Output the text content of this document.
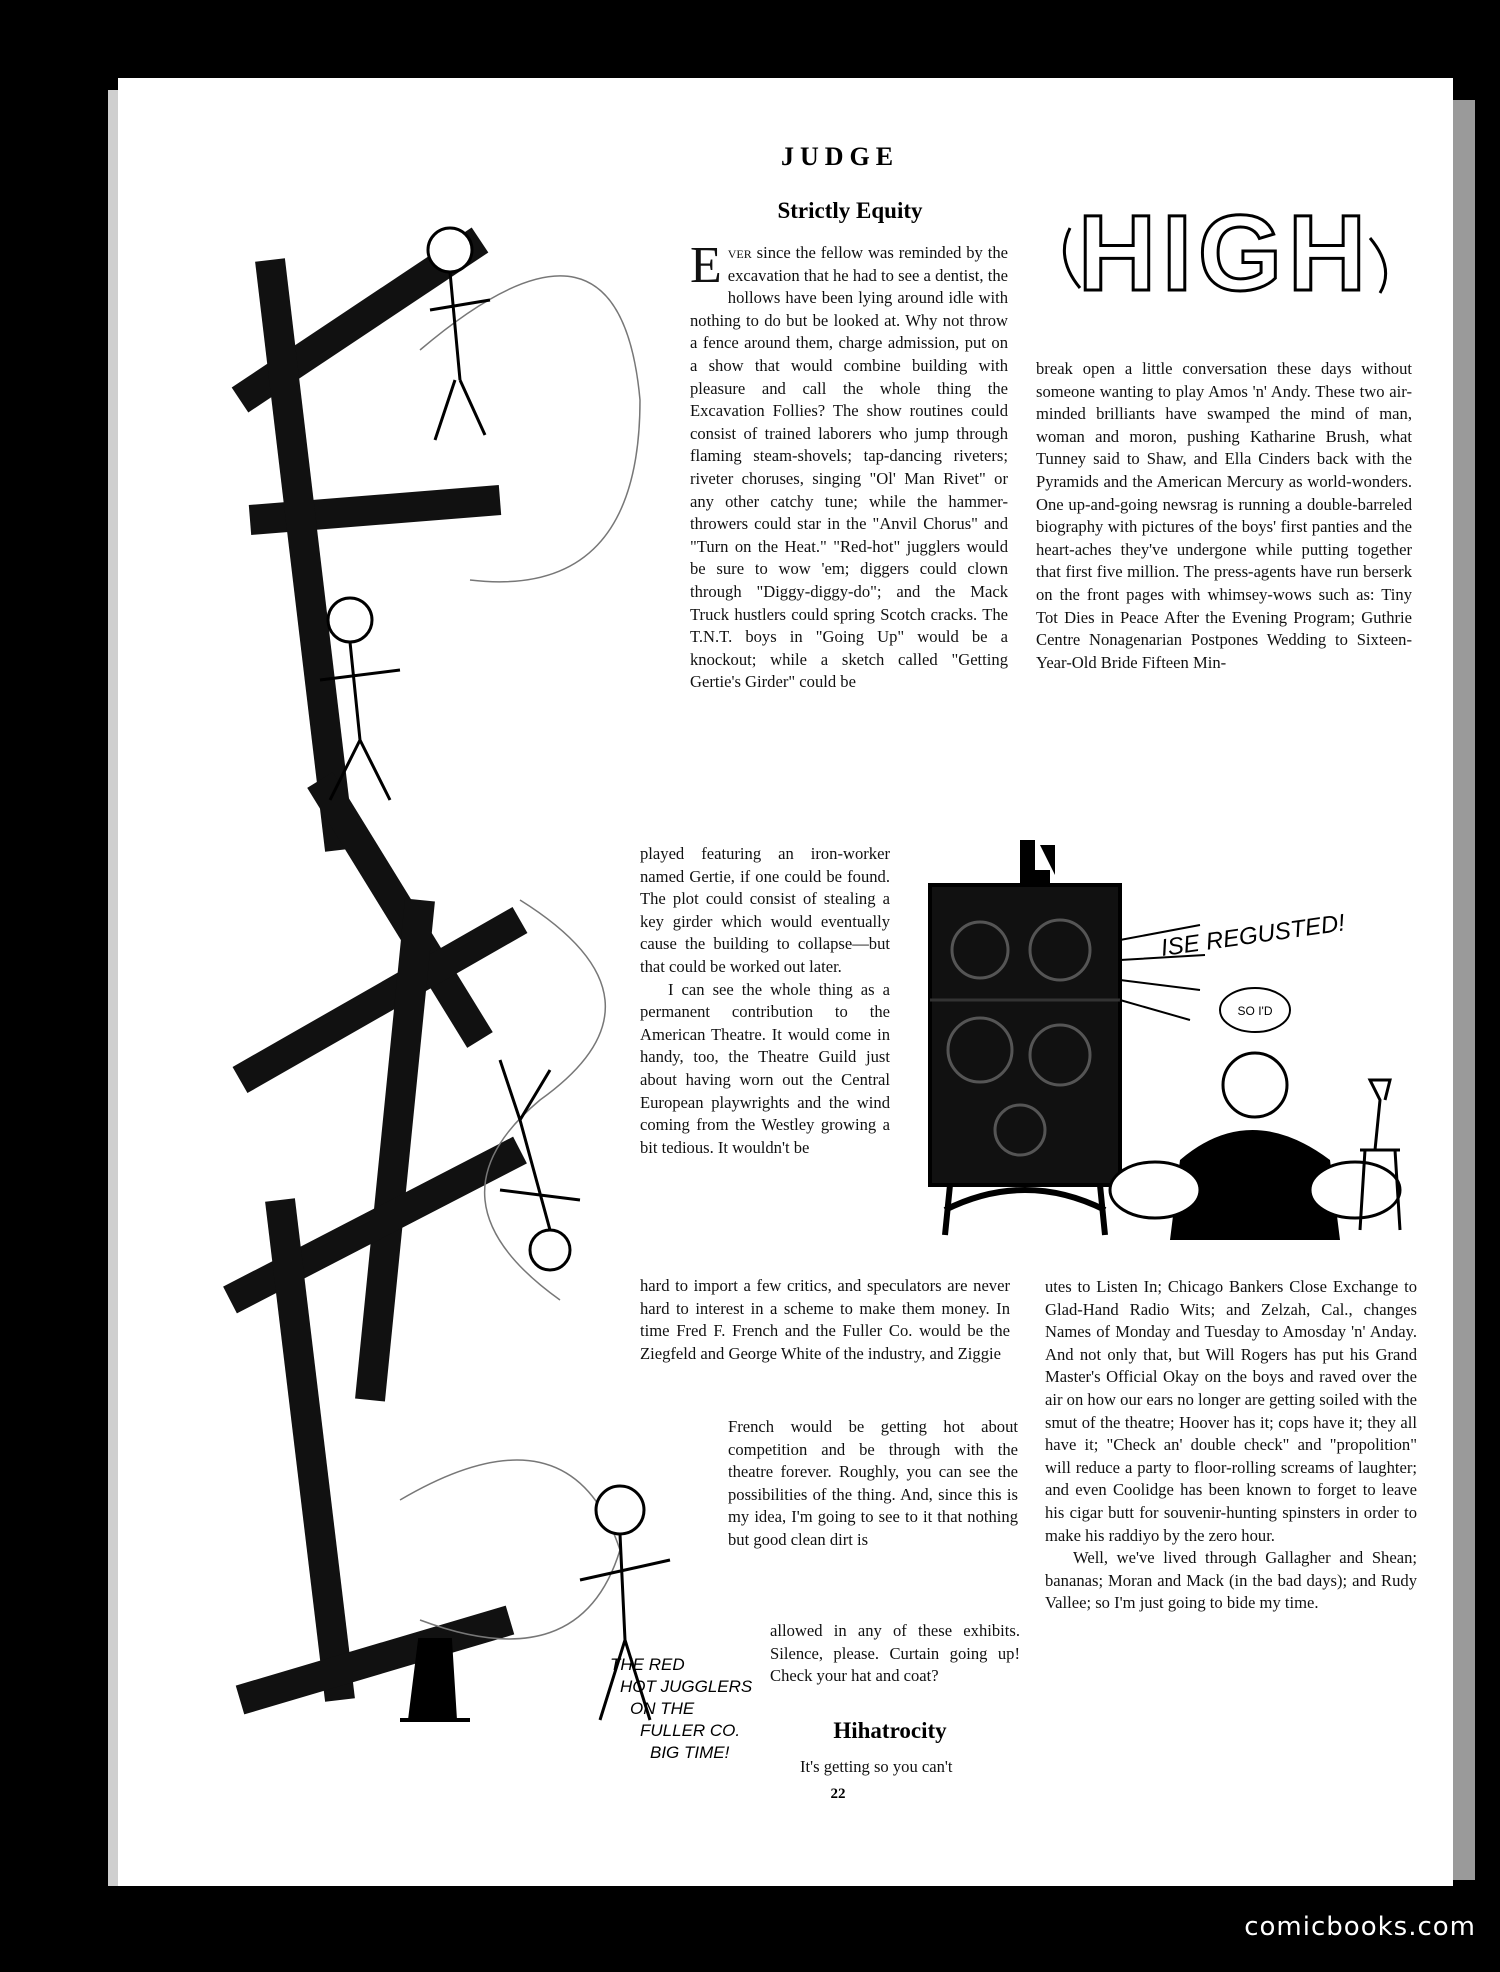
JUDGE
HIGH
Strictly Equity

Ever since the fellow was reminded by the excavation that he had to see a dentist, the hollows have been lying around idle with nothing to do but be looked at. Why not throw a fence around them, charge admission, put on a show that would combine building with pleasure and call the whole thing the Excavation Follies? The show routines could consist of trained laborers who jump through flaming steam-shovels; tap-dancing riveters; riveter choruses, singing "Ol' Man Rivet" or any other catchy tune; while the hammer-throwers could star in the "Anvil Chorus" and "Turn on the Heat." "Red-hot" jugglers would be sure to wow 'em; diggers could clown through "Diggy-diggy-do"; and the Mack Truck hustlers could spring Scotch cracks. The T.N.T. boys in "Going Up" would be a knockout; while a sketch called "Getting Gertie's Girder" could be

played featuring an iron-worker named Gertie, if one could be found. The plot could consist of stealing a key girder which would eventually cause the building to collapse—but that could be worked out later.

I can see the whole thing as a permanent contribution to the American Theatre. It would come in handy, too, the Theatre Guild just about having worn out the Central European playwrights and the wind coming from the Westley growing a bit tedious. It wouldn't be

hard to import a few critics, and speculators are never hard to interest in a scheme to make them money. In time Fred F. French and the Fuller Co. would be the Ziegfeld and George White of the industry, and Ziggie

French would be getting hot about competition and be through with the theatre forever. Roughly, you can see the possibilities of the thing. And, since this is my idea, I'm going to see to it that nothing but good clean dirt is

allowed in any of these exhibits. Silence, please. Curtain going up! Check your hat and coat?

Hihatrocity

It's getting so you can't

break open a little conversation these days without someone wanting to play Amos 'n' Andy. These two air-minded brilliants have swamped the mind of man, woman and moron, pushing Katharine Brush, what Tunney said to Shaw, and Ella Cinders back with the Pyramids and the American Mercury as world-wonders. One up-and-going newsrag is running a double-barreled biography with pictures of the boys' first panties and the heart-aches they've undergone while putting together that first five million. The press-agents have run berserk on the front pages with whimsey-wows such as: Tiny Tot Dies in Peace After the Evening Program; Guthrie Centre Nonagenarian Postpones Wedding to Sixteen-Year-Old Bride Fifteen Min-

utes to Listen In; Chicago Bankers Close Exchange to Glad-Hand Radio Wits; and Zelzah, Cal., changes Names of Monday and Tuesday to Amosday 'n' Anday. And not only that, but Will Rogers has put his Grand Master's Official Okay on the boys and raved over the air on how our ears no longer are getting soiled with the smut of the theatre; Hoover has it; cops have it; they all have it; "Check an' double check" and "propolition" will reduce a party to floor-rolling screams of laughter; and even Coolidge has been known to forget to leave his cigar butt for souvenir-hunting spinsters in order to make his raddiyo by the zero hour.

Well, we've lived through Gallagher and Shean; bananas; Moran and Mack (in the bad days); and Rudy Vallee; so I'm just going to bide my time.

ISE REGUSTED!
SO I'D
THE RED
HOT JUGGLERS
ON THE
FULLER CO.
BIG TIME!
22
comicbooks.com
